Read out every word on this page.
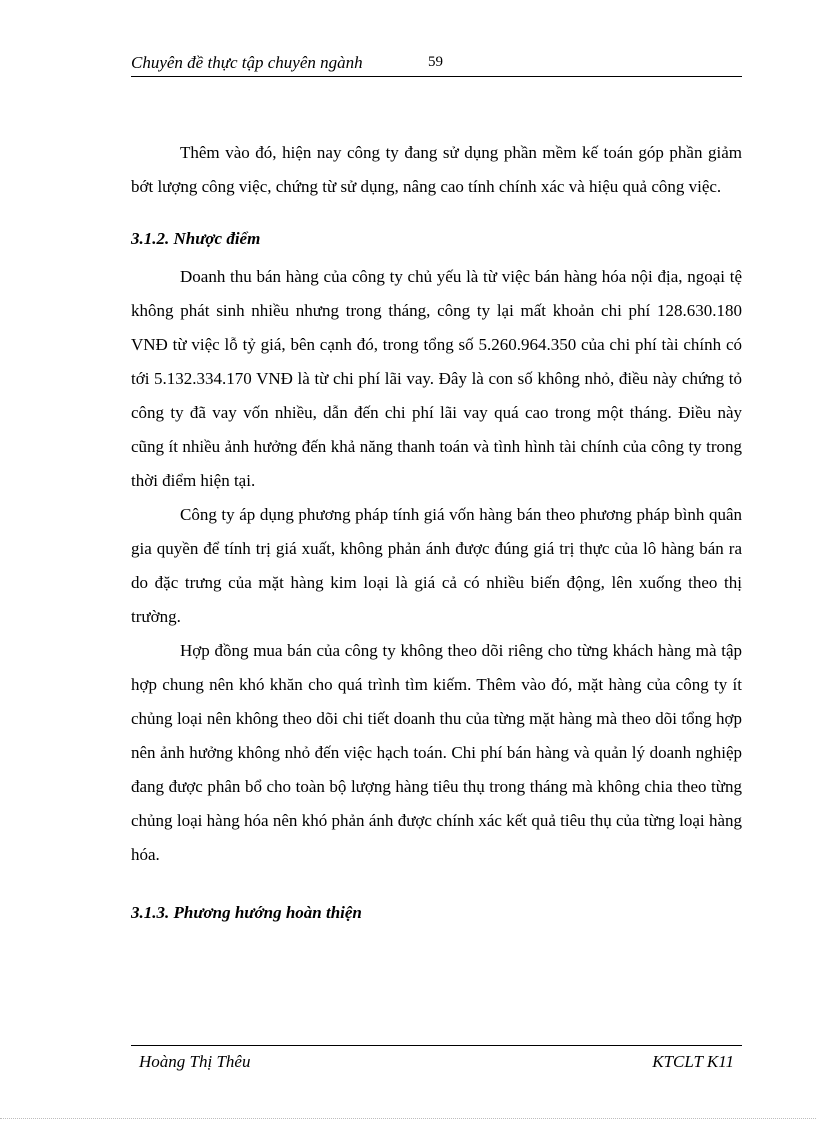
Chuyên đề thực tập chuyên ngành	59

Thêm vào đó, hiện nay công ty đang sử dụng phần mềm kế toán góp phần giảm bớt lượng công việc, chứng từ sử dụng, nâng cao tính chính xác và hiệu quả công việc.

3.1.2. Nhược điểm

Doanh thu bán hàng của công ty chủ yếu là từ việc bán hàng hóa nội địa, ngoại tệ không phát sinh nhiều nhưng trong tháng, công ty lại mất khoản chi phí 128.630.180 VNĐ từ việc lỗ tỷ giá, bên cạnh đó, trong tổng số 5.260.964.350 của chi phí tài chính có tới 5.132.334.170 VNĐ là từ chi phí lãi vay. Đây là con số không nhỏ, điều này chứng tỏ công ty đã vay vốn nhiều, dẫn đến chi phí lãi vay quá cao trong một tháng. Điều này cũng ít nhiều ảnh hưởng đến khả năng thanh toán và tình hình tài chính của công ty trong thời điểm hiện tại.

Công ty áp dụng phương pháp tính giá vốn hàng bán theo phương pháp bình quân gia quyền để tính trị giá xuất, không phản ánh được đúng giá trị thực của lô hàng bán ra do đặc trưng của mặt hàng kim loại là giá cả có nhiều biến động, lên xuống theo thị trường.

Hợp đồng mua bán của công ty không theo dõi riêng cho từng khách hàng mà tập hợp chung nên khó khăn cho quá trình tìm kiếm. Thêm vào đó, mặt hàng của công ty ít chủng loại nên không theo dõi chi tiết doanh thu của từng mặt hàng mà theo dõi tổng hợp nên ảnh hưởng không nhỏ đến việc hạch toán. Chi phí bán hàng và quản lý doanh nghiệp đang được phân bổ cho toàn bộ lượng hàng tiêu thụ trong tháng mà không chia theo từng chủng loại hàng hóa nên khó phản ánh được chính xác kết quả tiêu thụ của từng loại hàng hóa.

3.1.3. Phương hướng hoàn thiện
Hoàng Thị Thêu	KTCLT K11
